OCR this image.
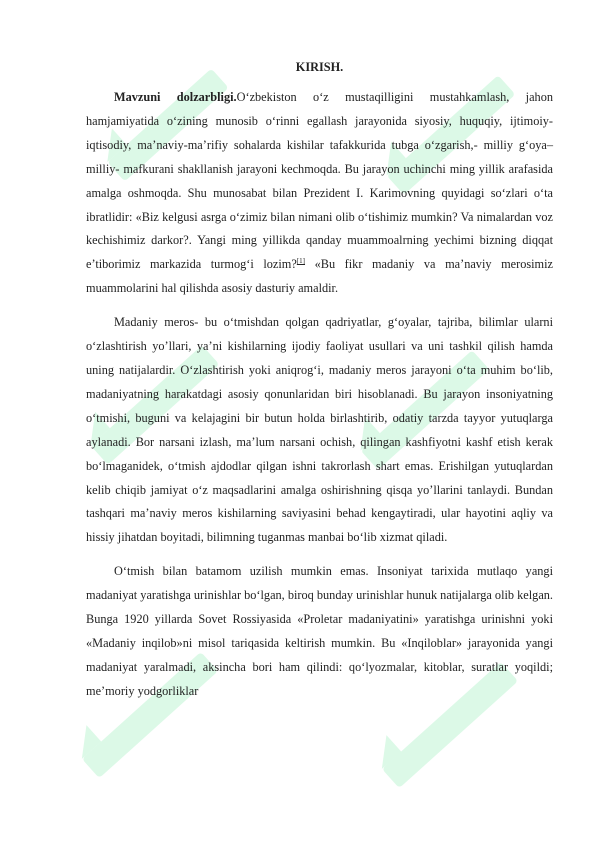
KIRISH.

Mavzuni dolzarbligi.O‘zbekiston o‘z mustaqilligini mustahkamlash, jahon hamjamiyatida o‘zining munosib o‘rinni egallash jarayonida siyosiy, huquqiy, ijtimoiy-iqtisodiy, ma’naviy-ma’rifiy sohalarda kishilar tafakkurida tubga o‘zgarish,- milliy g‘oya– milliy- mafkurani shakllanish jarayoni kechmoqda. Bu jarayon uchinchi ming yillik arafasida amalga oshmoqda. Shu munosabat bilan Prezident I. Karimovning quyidagi so‘zlari o‘ta ibratlidir: «Biz kelgusi asrga o‘zimiz bilan nimani olib o‘tishimiz mumkin? Va nimalardan voz kechishimiz darkor?. Yangi ming yillikda qanday muammoalrning yechimi bizning diqqat e’tiborimiz markazida turmog‘i lozim?[1] «Bu fikr madaniy va ma’naviy merosimiz muammolarini hal qilishda asosiy dasturiy amaldir.

Madaniy meros- bu o‘tmishdan qolgan qadriyatlar, g‘oyalar, tajriba, bilimlar ularni o‘zlashtirish yo’llari, ya’ni kishilarning ijodiy faoliyat usullari va uni tashkil qilish hamda uning natijalardir. O‘zlashtirish yoki aniqrog‘i, madaniy meros jarayoni o‘ta muhim bo‘lib, madaniyatning harakatdagi asosiy qonunlaridan biri hisoblanadi. Bu jarayon insoniyatning o‘tmishi, buguni va kelajagini bir butun holda birlashtirib, odatiy tarzda tayyor yutuqlarga aylanadi. Bor narsani izlash, ma’lum narsani ochish, qilingan kashfiyotni kashf etish kerak bo‘lmaganidek, o‘tmish ajdodlar qilgan ishni takrorlash shart emas. Erishilgan yutuqlardan kelib chiqib jamiyat o‘z maqsadlarini amalga oshirishning qisqa yo’llarini tanlaydi. Bundan tashqari ma’naviy meros kishilarning saviyasini behad kengaytiradi, ular hayotini aqliy va hissiy jihatdan boyitadi, bilimning tuganmas manbai bo‘lib xizmat qiladi.

O‘tmish bilan batamom uzilish mumkin emas. Insoniyat tarixida mutlaqo yangi madaniyat yaratishga urinishlar bo‘lgan, biroq bunday urinishlar hunuk natijalarga olib kelgan. Bunga 1920 yillarda Sovet Rossiyasida «Proletar madaniyatini» yaratishga urinishni yoki «Madaniy inqilob»ni misol tariqasida keltirish mumkin. Bu «Inqiloblar» jarayonida yangi madaniyat yaralmadi, aksincha bori ham qilindi: qo‘lyozmalar, kitoblar, suratlar yoqildi; me’moriy yodgorliklar
